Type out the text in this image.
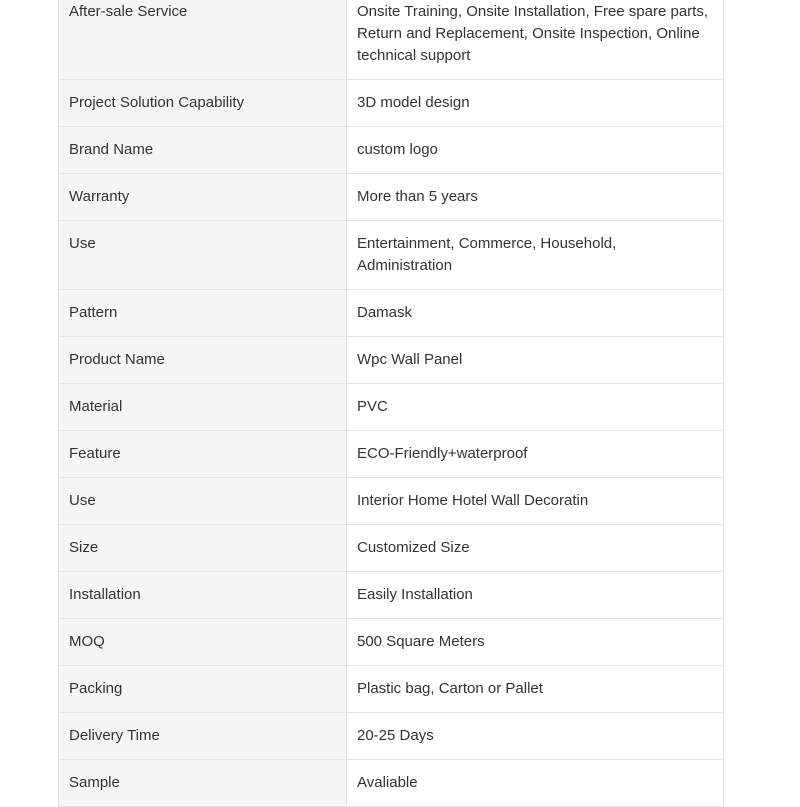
After-sale Service	Onsite Training, Onsite Installation, Free spare parts, Return and Replacement, Onsite Inspection, Online technical support
Project Solution Capability	3D model design
Brand Name	custom logo
Warranty	More than 5 years
Use	Entertainment, Commerce, Household, Administration
Pattern	Damask
Product Name	Wpc Wall Panel
Material	PVC
Feature	ECO-Friendly+waterproof
Use	Interior Home Hotel Wall Decoratin
Size	Customized Size
Installation	Easily Installation
MOQ	500 Square Meters
Packing	Plastic bag, Carton or Pallet
Delivery Time	20-25 Days
Sample	Avaliable
